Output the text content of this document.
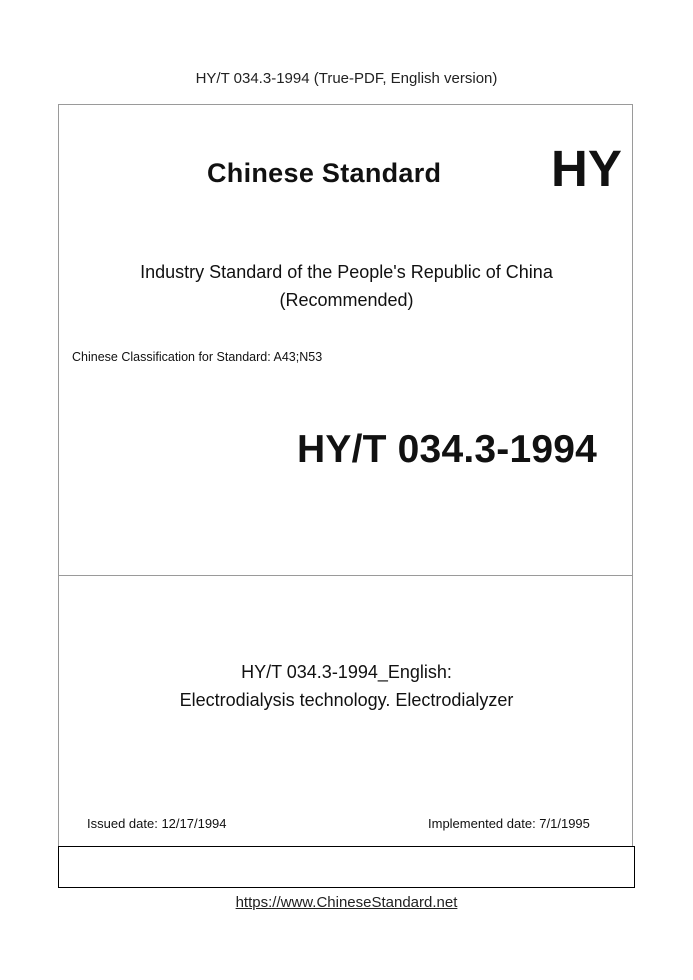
HY/T 034.3-1994 (True-PDF, English version)
Chinese Standard HY
Industry Standard of the People's Republic of China
(Recommended)
Chinese Classification for Standard: A43;N53
HY/T 034.3-1994
HY/T 034.3-1994_English:
Electrodialysis technology. Electrodialyzer
Issued date: 12/17/1994	Implemented date: 7/1/1995
https://www.ChineseStandard.net
